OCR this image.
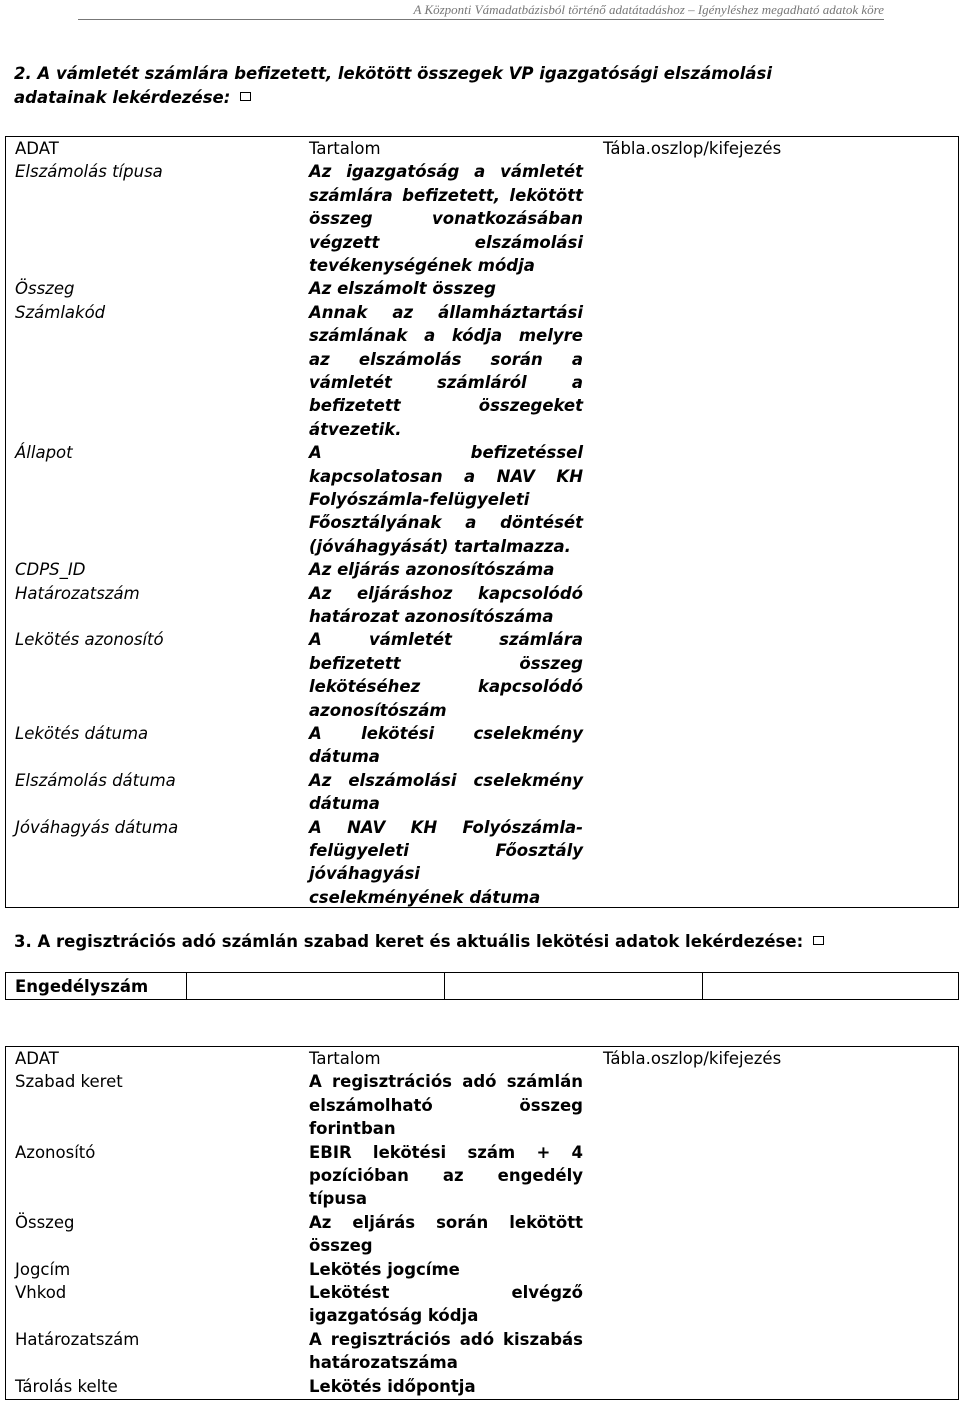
A Központi Vámadatbázisból történő adatátadáshoz – Igényléshez megadható adatok köre
2. A vámletét számlára befizetett, lekötött összegek VP igazgatósági elszámolási
adatainak lekérdezése:
ADAT	Tartalom	Tábla.oszlop/kifejezés
Elszámolás típusa	Az igazgatóság a vámletét
számlára befizetett, lekötött
összeg vonatkozásában
végzett elszámolási
tevékenységének módja
Összeg	Az elszámolt összeg
Számlakód	Annak az államháztartási
számlának a kódja melyre
az elszámolás során a
vámletét számláról a
befizetett összegeket
átvezetik.
Állapot	A befizetéssel
kapcsolatosan a NAV KH
Folyószámla-felügyeleti
Főosztályának a döntését
(jóváhagyását) tartalmazza.
CDPS_ID	Az eljárás azonosítószáma
Határozatszám	Az eljáráshoz kapcsolódó
határozat azonosítószáma
Lekötés azonosító	A vámletét számlára
befizetett összeg
lekötéséhez kapcsolódó
azonosítószám
Lekötés dátuma	A lekötési cselekmény
dátuma
Elszámolás dátuma	Az elszámolási cselekmény
dátuma
Jóváhagyás dátuma	A NAV KH Folyószámla-
felügyeleti Főosztály
jóváhagyási
cselekményének dátuma
3. A regisztrációs adó számlán szabad keret és aktuális lekötési adatok lekérdezése:
Engedélyszám
ADAT	Tartalom	Tábla.oszlop/kifejezés
Szabad keret	A regisztrációs adó számlán
elszámolható összeg
forintban
Azonosító	EBIR lekötési szám + 4
pozícióban az engedély
típusa
Összeg	Az eljárás során lekötött
összeg
Jogcím	Lekötés jogcíme
Vhkod	Lekötést elvégző
igazgatóság kódja
Határozatszám	A regisztrációs adó kiszabás
határozatszáma
Tárolás kelte	Lekötés időpontja
